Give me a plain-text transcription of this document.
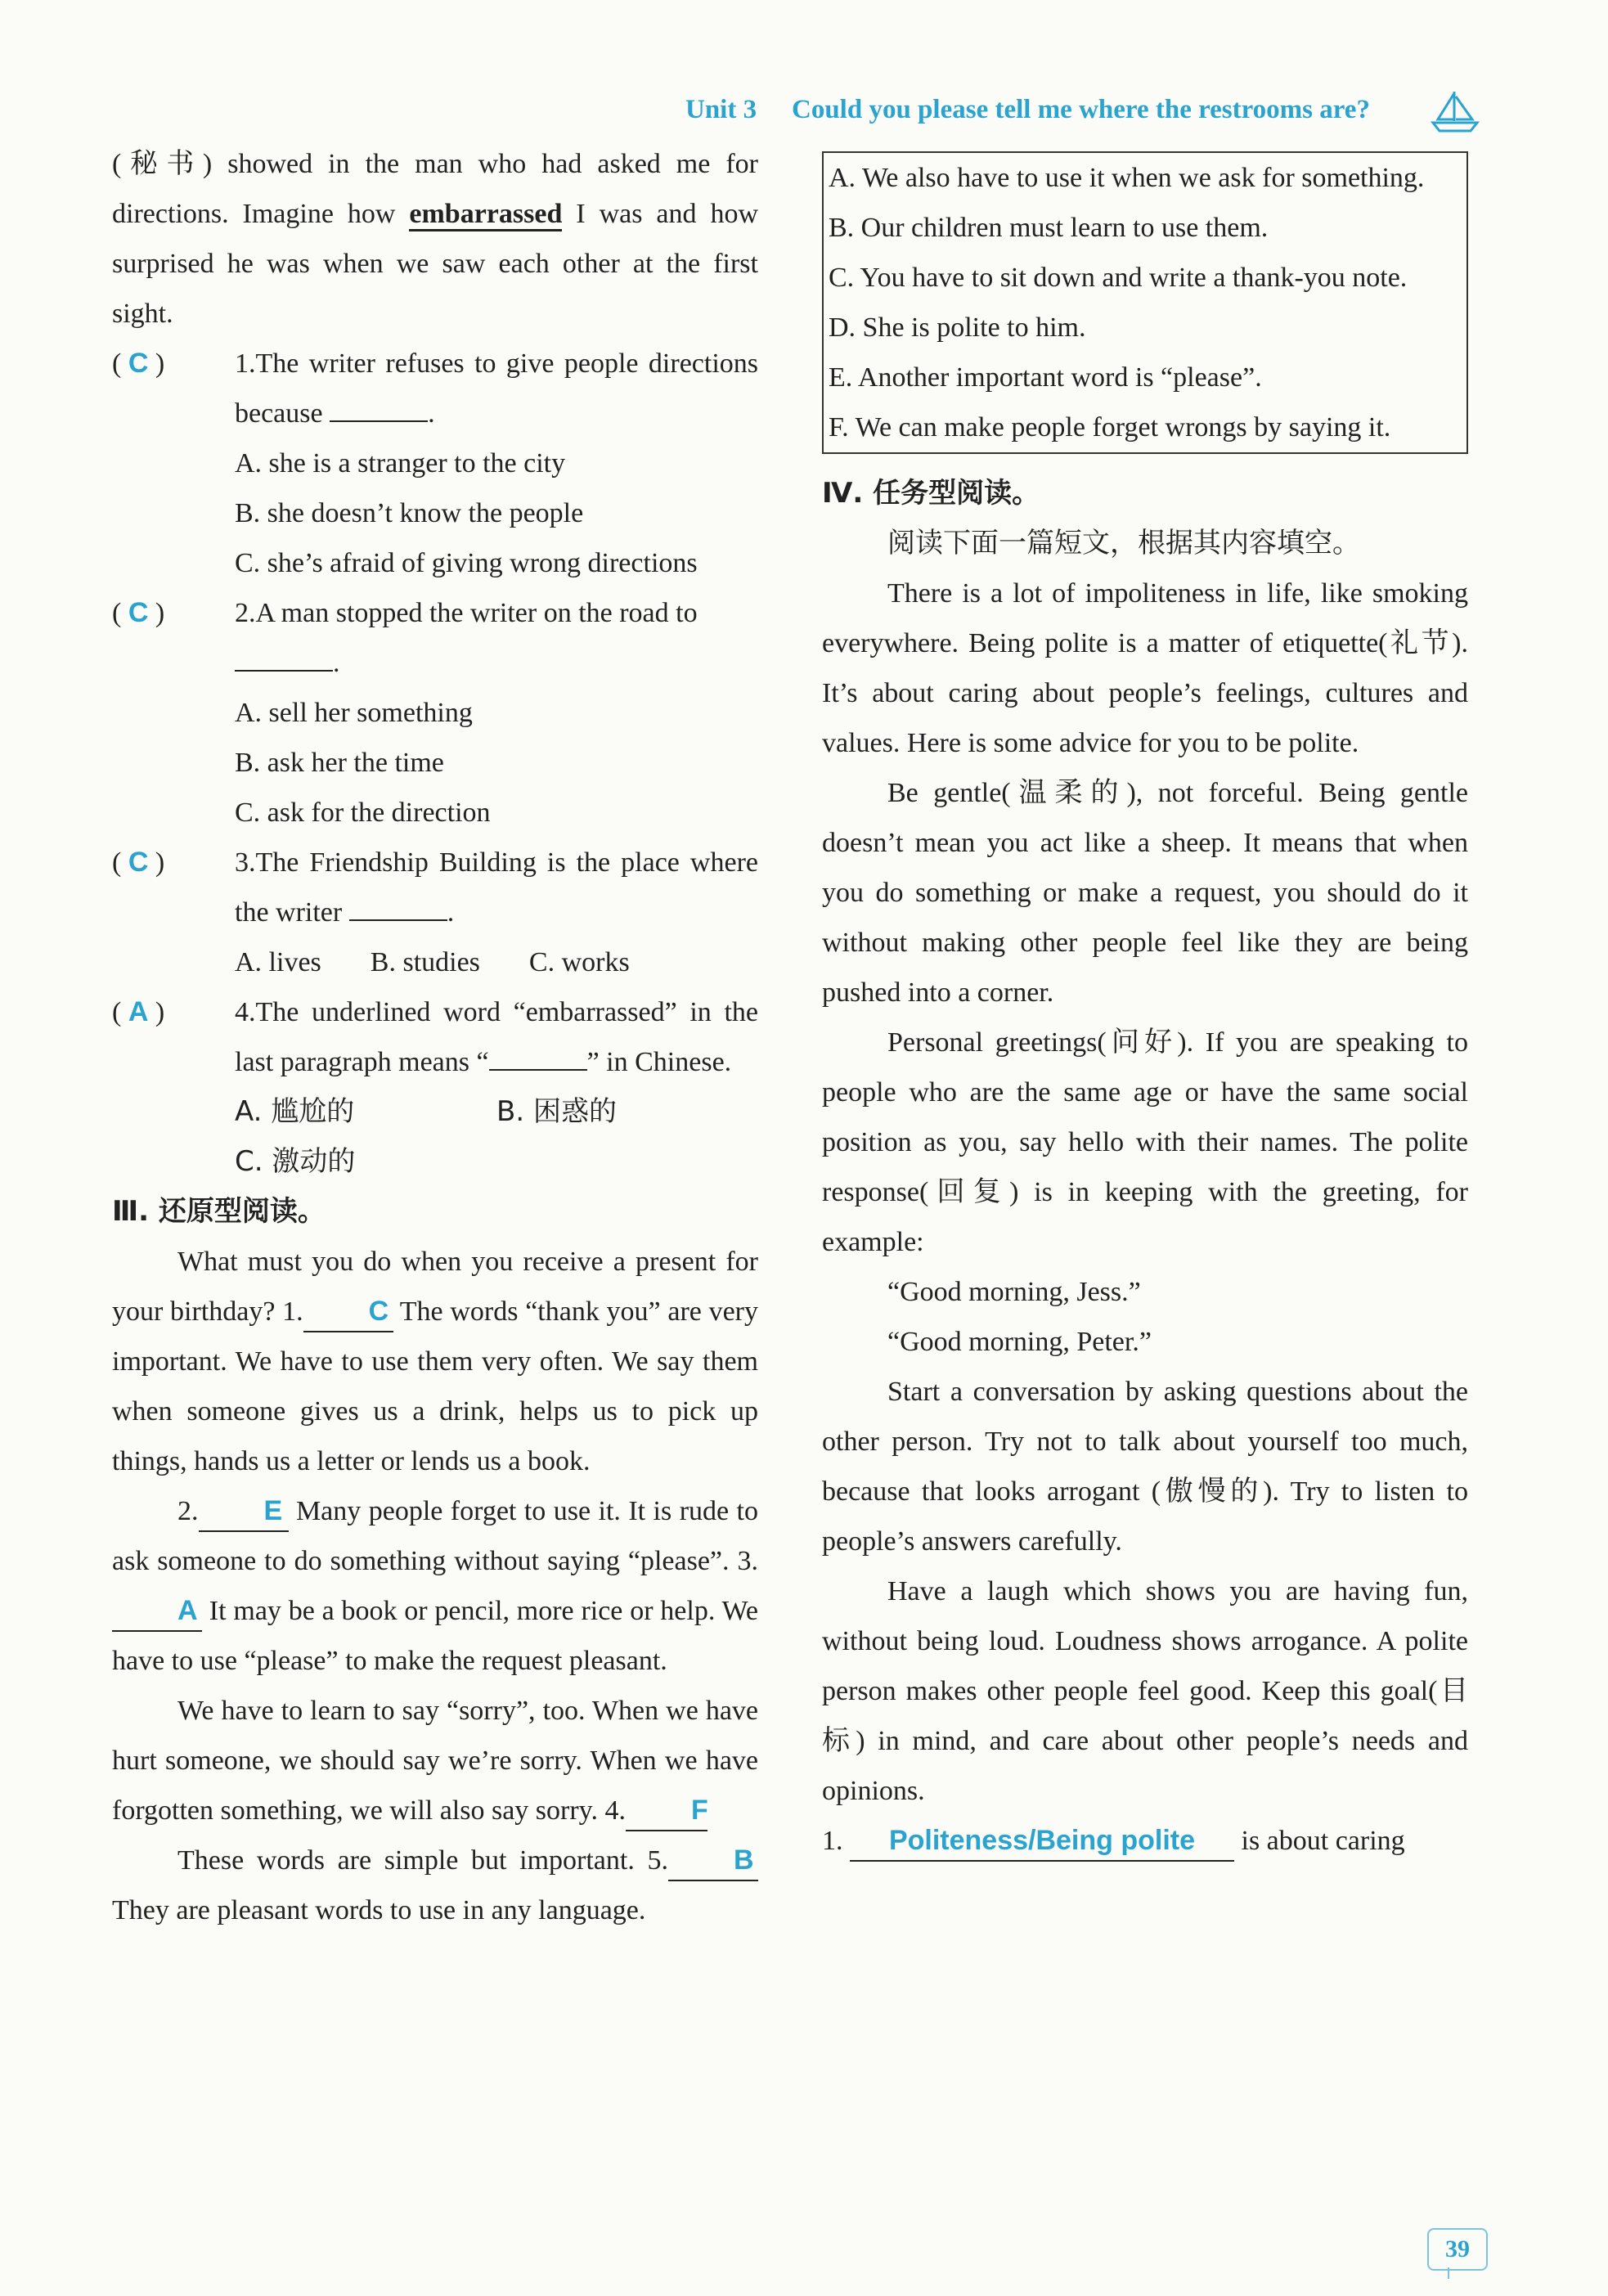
Unit 3 Could you please tell me where the restrooms are?
(秘书) showed in the man who had asked me for directions. Imagine how embarrassed I was and how surprised he was when we saw each other at the first sight.
( C )	1.The writer refuses to give people directions because	.
A. she is a stranger to the city
B. she doesn’t know the people
C. she’s afraid of giving wrong directions
( C )	2.A man stopped the writer on the road to
.
A. sell her something
B. ask her the time
C. ask for the direction
( C )	3.The Friendship Building is the place where the writer	.
A. lives B. studies C. works
( A )	4.The underlined word “embarrassed” in the last paragraph means “	” in Chinese.
A. 尴尬的	B. 困惑的
C. 激动的
Ⅲ. 还原型阅读。
What must you do when you receive a present for your birthday? 1. C The words “thank you” are very important. We have to use them very often. We say them when someone gives us a drink, helps us to pick up things, hands us a letter or lends us a book.
2. E Many people forget to use it. It is rude to ask someone to do something without saying “please”. 3.A It may be a book or pencil, more rice or help. We have to use “please” to make the request pleasant.
We have to learn to say “sorry”, too. When we have hurt someone, we should say we’re sorry. When we have forgotten something, we will also say sorry. 4. F
These words are simple but important. 5. B They are pleasant words to use in any language.
A. We also have to use it when we ask for something.
B. Our children must learn to use them.
C. You have to sit down and write a thank-you note.
D. She is polite to him.
E. Another important word is “please”.
F. We can make people forget wrongs by saying it.
Ⅳ. 任务型阅读。
阅读下面一篇短文，根据其内容填空。
There is a lot of impoliteness in life, like smoking everywhere. Being polite is a matter of etiquette(礼节). It’s about caring about people’s feelings, cultures and values. Here is some advice for you to be polite.
Be gentle(温柔的), not forceful. Being gentle doesn’t mean you act like a sheep. It means that when you do something or make a request, you should do it without making other people feel like they are being pushed into a corner.
Personal greetings(问好). If you are speaking to people who are the same age or have the same social position as you, say hello with their names. The polite response(回复) is in keeping with the greeting, for example:
“Good morning, Jess.”
“Good morning, Peter.”
Start a conversation by asking questions about the other person. Try not to talk about yourself too much, because that looks arrogant (傲慢的). Try to listen to people’s answers carefully.
Have a laugh which shows you are having fun, without being loud. Loudness shows arrogance. A polite person makes other people feel good. Keep this goal(目标) in mind, and care about other people’s needs and opinions.
1. Politeness/Being polite is about caring
39
